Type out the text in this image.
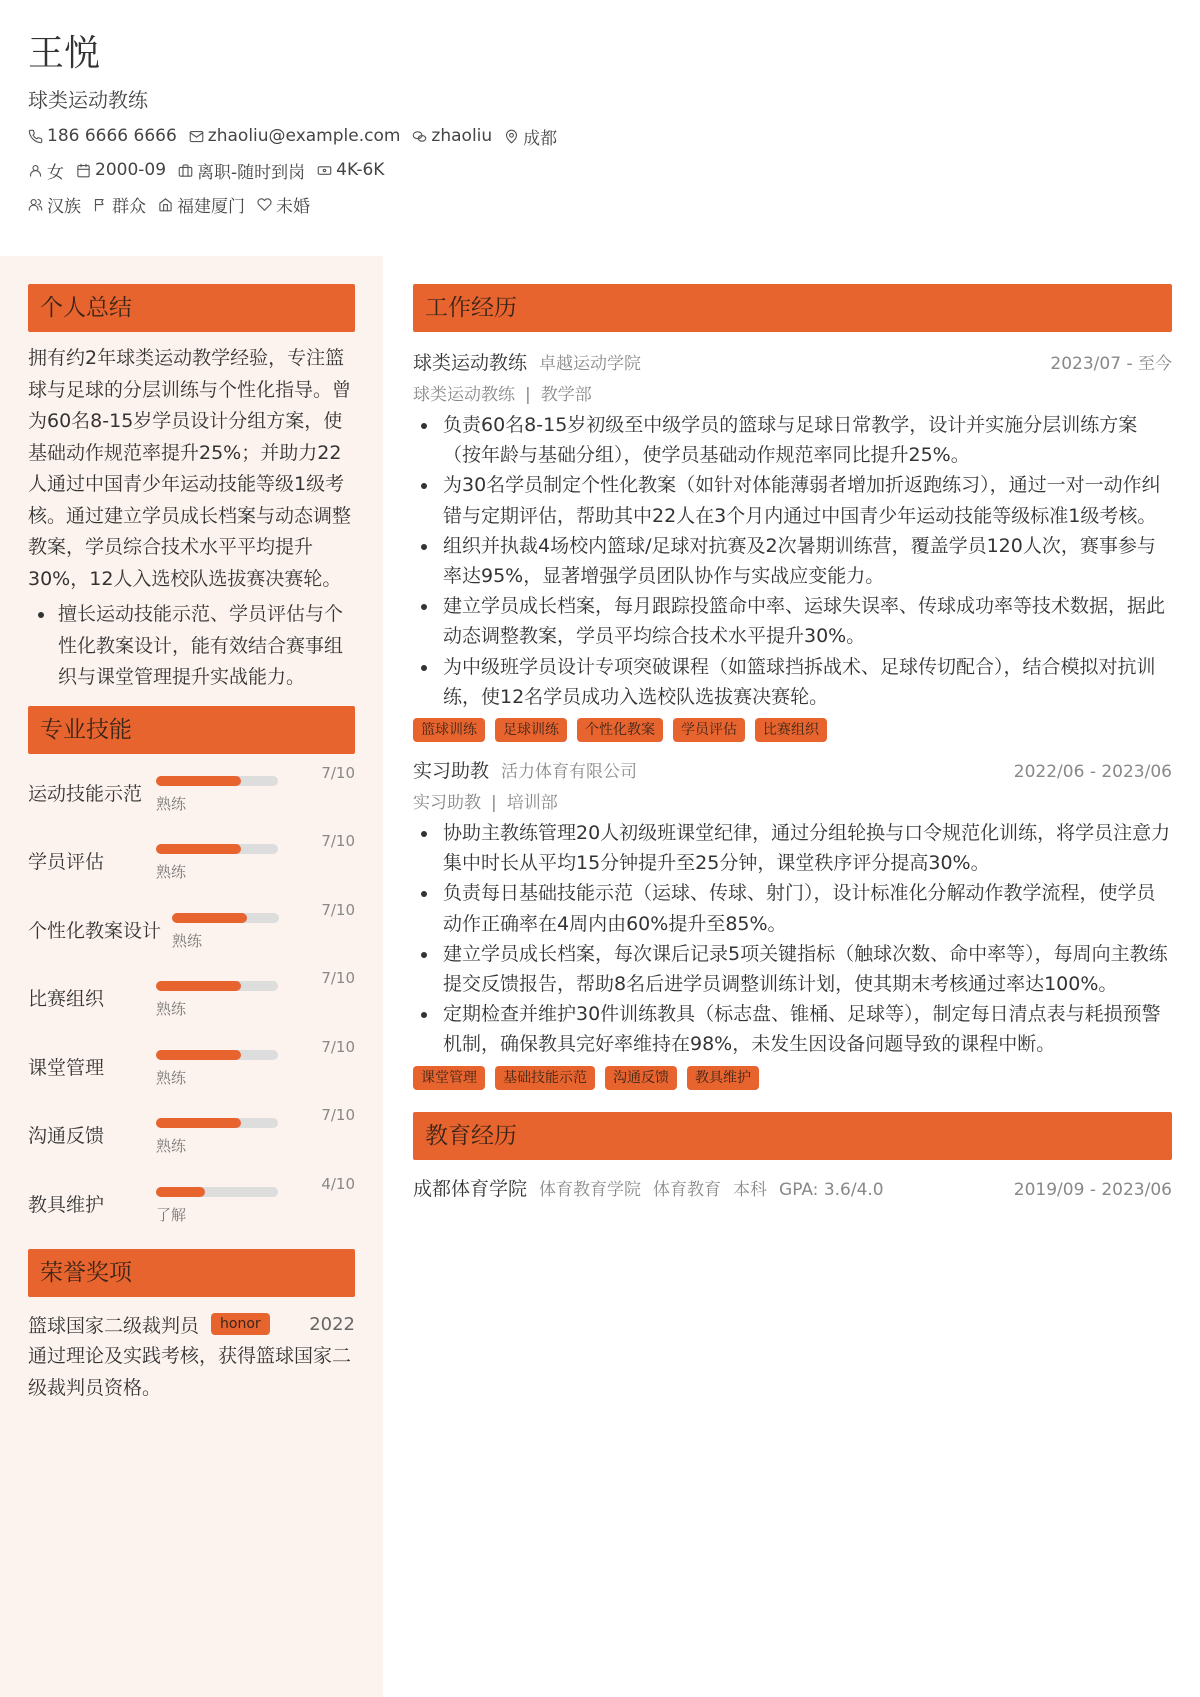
王悦
球类运动教练
186 6666 6666 zhaoliu@example.com zhaoliu 成都
女 2000-09 离职-随时到岗 4K-6K
汉族 群众 福建厦门 未婚
个人总结
拥有约2年球类运动教学经验，专注篮球与足球的分层训练与个性化指导。曾为60名8-15岁学员设计分组方案，使基础动作规范率提升25%；并助力22人通过中国青少年运动技能等级1级考核。通过建立学员成长档案与动态调整教案，学员综合技术水平平均提升30%，12人入选校队选拔赛决赛轮。
擅长运动技能示范、学员评估与个性化教案设计，能有效结合赛事组织与课堂管理提升实战能力。
专业技能
运动技能示范
7/10
熟练
学员评估
7/10
熟练
个性化教案设计
7/10
熟练
比赛组织
7/10
熟练
课堂管理
7/10
熟练
沟通反馈
7/10
熟练
教具维护
4/10
了解
荣誉奖项
篮球国家二级裁判员	honor	2022
通过理论及实践考核，获得篮球国家二级裁判员资格。
工作经历
球类运动教练 卓越运动学院	2023/07 - 至今
球类运动教练 | 教学部
负责60名8-15岁初级至中级学员的篮球与足球日常教学，设计并实施分层训练方案（按年龄与基础分组），使学员基础动作规范率同比提升25%。
为30名学员制定个性化教案（如针对体能薄弱者增加折返跑练习），通过一对一动作纠错与定期评估，帮助其中22人在3个月内通过中国青少年运动技能等级标准1级考核。
组织并执裁4场校内篮球/足球对抗赛及2次暑期训练营，覆盖学员120人次，赛事参与率达95%，显著增强学员团队协作与实战应变能力。
建立学员成长档案，每月跟踪投篮命中率、运球失误率、传球成功率等技术数据，据此动态调整教案，学员平均综合技术水平提升30%。
为中级班学员设计专项突破课程（如篮球挡拆战术、足球传切配合），结合模拟对抗训练，使12名学员成功入选校队选拔赛决赛轮。
篮球训练	足球训练	个性化教案	学员评估	比赛组织
实习助教 活力体育有限公司	2022/06 - 2023/06
实习助教 | 培训部
协助主教练管理20人初级班课堂纪律，通过分组轮换与口令规范化训练，将学员注意力集中时长从平均15分钟提升至25分钟，课堂秩序评分提高30%。
负责每日基础技能示范（运球、传球、射门），设计标准化分解动作教学流程，使学员动作正确率在4周内由60%提升至85%。
建立学员成长档案，每次课后记录5项关键指标（触球次数、命中率等），每周向主教练提交反馈报告，帮助8名后进学员调整训练计划，使其期末考核通过率达100%。
定期检查并维护30件训练教具（标志盘、锥桶、足球等），制定每日清点表与耗损预警机制，确保教具完好率维持在98%，未发生因设备问题导致的课程中断。
课堂管理	基础技能示范	沟通反馈	教具维护
教育经历
成都体育学院 体育教育学院 体育教育 本科 GPA: 3.6/4.0	2019/09 - 2023/06
